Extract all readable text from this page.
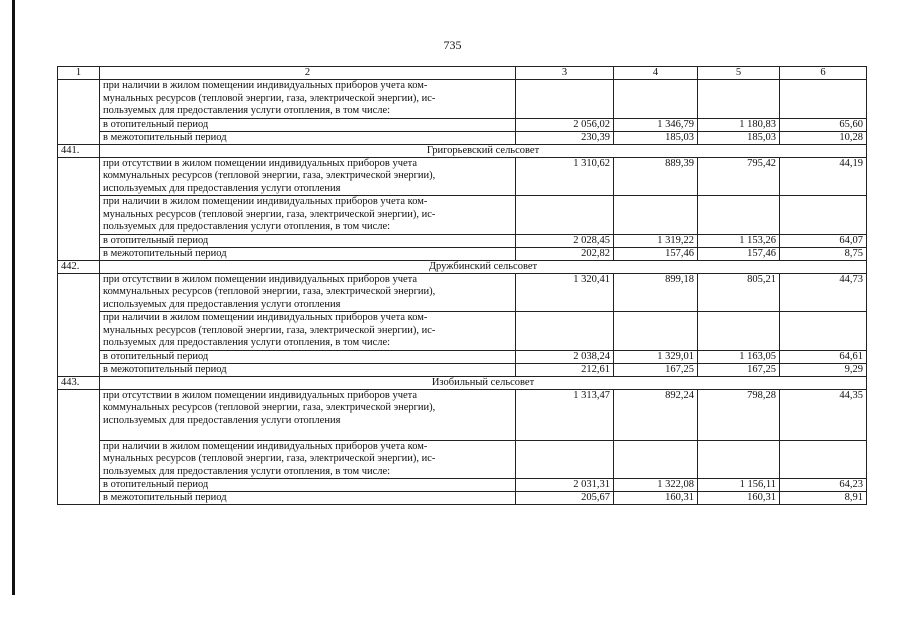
735
1	2	3	4	5	6
	при наличии в жилом помещении индивидуальных приборов учета ком-
мунальных ресурсов (тепловой энергии, газа, электрической энергии), ис-
пользуемых для предоставления услуги отопления, в том числе:				
	в отопительный период	2 056,02	1 346,79	1 180,83	65,60
	в межотопительный период	230,39	185,03	185,03	10,28
441.	Григорьевский сельсовет				
	при отсутствии в жилом помещении индивидуальных приборов учета
коммунальных ресурсов (тепловой энергии, газа, электрической энергии),
используемых для предоставления услуги отопления	1 310,62	889,39	795,42	44,19
	при наличии в жилом помещении индивидуальных приборов учета ком-
мунальных ресурсов (тепловой энергии, газа, электрической энергии), ис-
пользуемых для предоставления услуги отопления, в том числе:				
	в отопительный период	2 028,45	1 319,22	1 153,26	64,07
	в межотопительный период	202,82	157,46	157,46	8,75
442.	Дружбинский сельсовет				
	при отсутствии в жилом помещении индивидуальных приборов учета
коммунальных ресурсов (тепловой энергии, газа, электрической энергии),
используемых для предоставления услуги отопления	1 320,41	899,18	805,21	44,73
	при наличии в жилом помещении индивидуальных приборов учета ком-
мунальных ресурсов (тепловой энергии, газа, электрической энергии), ис-
пользуемых для предоставления услуги отопления, в том числе:				
	в отопительный период	2 038,24	1 329,01	1 163,05	64,61
	в межотопительный период	212,61	167,25	167,25	9,29
443.	Изобильный сельсовет				
	при отсутствии в жилом помещении индивидуальных приборов учета
коммунальных ресурсов (тепловой энергии, газа, электрической энергии),
используемых для предоставления услуги отопления	1 313,47	892,24	798,28	44,35
	при наличии в жилом помещении индивидуальных приборов учета ком-
мунальных ресурсов (тепловой энергии, газа, электрической энергии), ис-
пользуемых для предоставления услуги отопления, в том числе:				
	в отопительный период	2 031,31	1 322,08	1 156,11	64,23
	в межотопительный период	205,67	160,31	160,31	8,91
